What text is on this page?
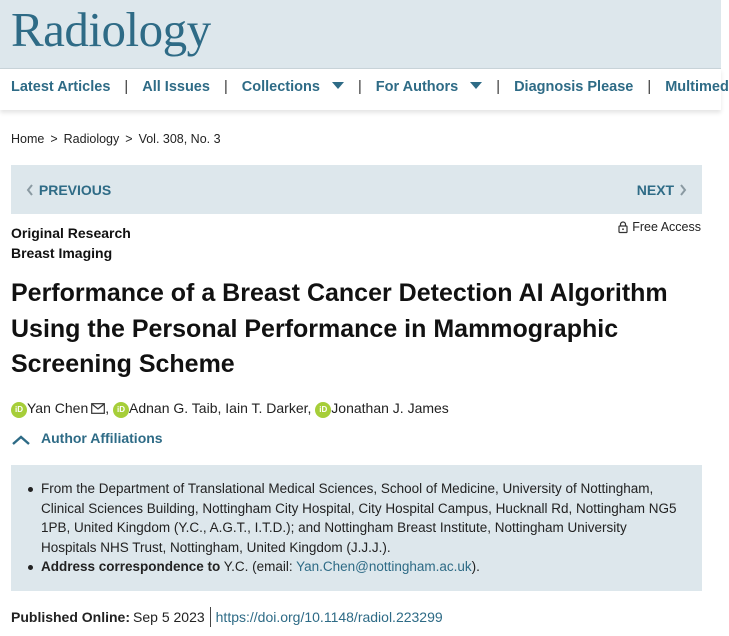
Radiology
Latest Articles | All Issues | Collections	| For Authors	| Diagnosis Please | Multimed
Home > Radiology > Vol. 308, No. 3
PREVIOUS	NEXT
Original Research
Breast Imaging
Free Access
Performance of a Breast Cancer Detection AI Algorithm Using the Personal Performance in Mammographic Screening Scheme
iD Yan Chen , iD Adnan G. Taib, Iain T. Darker, iD Jonathan J. James
Author Affiliations
From the Department of Translational Medical Sciences, School of Medicine, University of Nottingham, Clinical Sciences Building, Nottingham City Hospital, City Hospital Campus, Hucknall Rd, Nottingham NG5 1PB, United Kingdom (Y.C., A.G.T., I.T.D.); and Nottingham Breast Institute, Nottingham University Hospitals NHS Trust, Nottingham, United Kingdom (J.J.J.).
Address correspondence to Y.C. (email: Yan.Chen@nottingham.ac.uk).
Published Online: Sep 5 2023 https://doi.org/10.1148/radiol.223299
